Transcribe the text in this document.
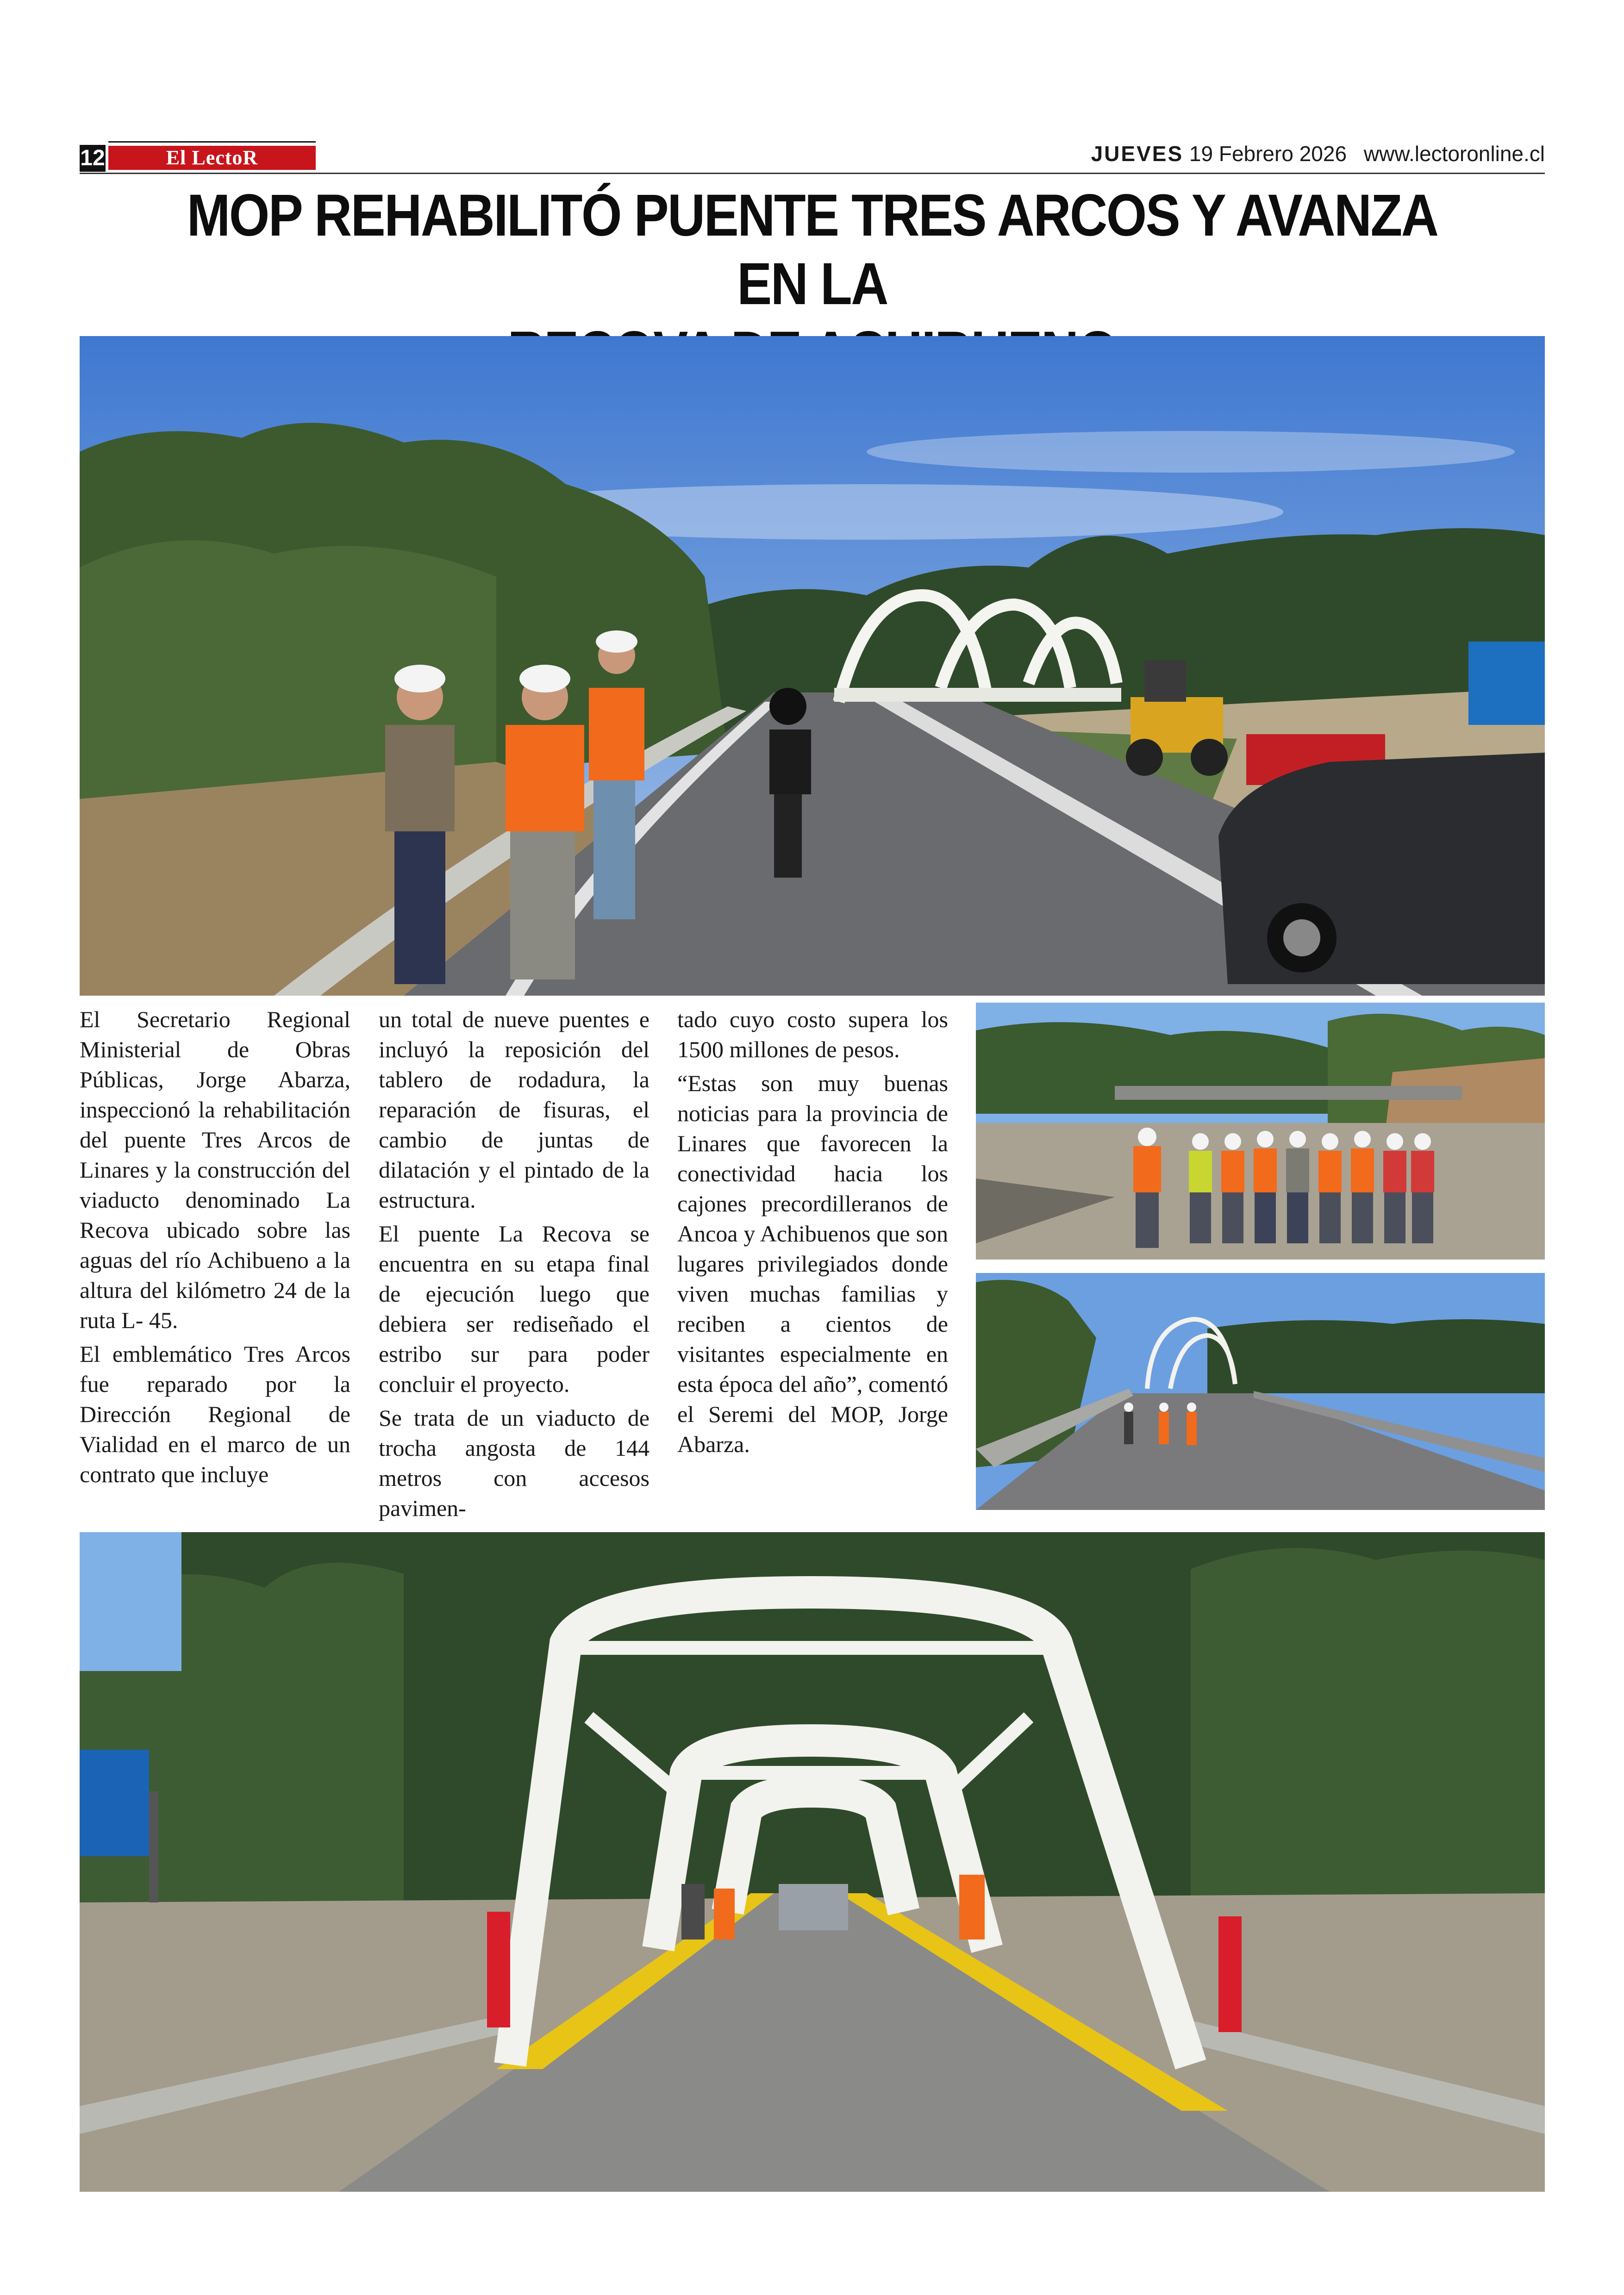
12	El LectoR	JUEVES 19 Febrero 2026 www.lectoronline.cl
MOP REHABILITÓ PUENTE TRES ARCOS Y AVANZA EN LA

El Secretario Regional Ministerial de Obras Públicas, Jorge Abarza, inspeccionó la rehabilitación del puente Tres Arcos de Linares y la construcción del viaducto denominado La Recova ubicado sobre las aguas del río Achibueno a la altura del kilómetro 24 de la ruta L- 45.

El emblemático Tres Arcos fue reparado por la Dirección Regional de Vialidad en el marco de un contrato que incluye

un total de nueve puentes e incluyó la reposición del tablero de rodadura, la reparación de fisuras, el cambio de juntas de dilatación y el pintado de la estructura.

El puente La Recova se encuentra en su etapa final de ejecución luego que debiera ser rediseñado el estribo sur para poder concluir el proyecto.

Se trata de un viaducto de trocha angosta de 144 metros con accesos pavimen-

tado cuyo costo supera los 1500 millones de pesos.

“Estas son muy buenas noticias para la provincia de Linares que favorecen la conectividad hacia los cajones precordilleranos de Ancoa y Achibuenos que son lugares privilegiados donde viven muchas familias y reciben a cientos de visitantes especialmente en esta época del año”, comentó el Seremi del MOP, Jorge Abarza.
